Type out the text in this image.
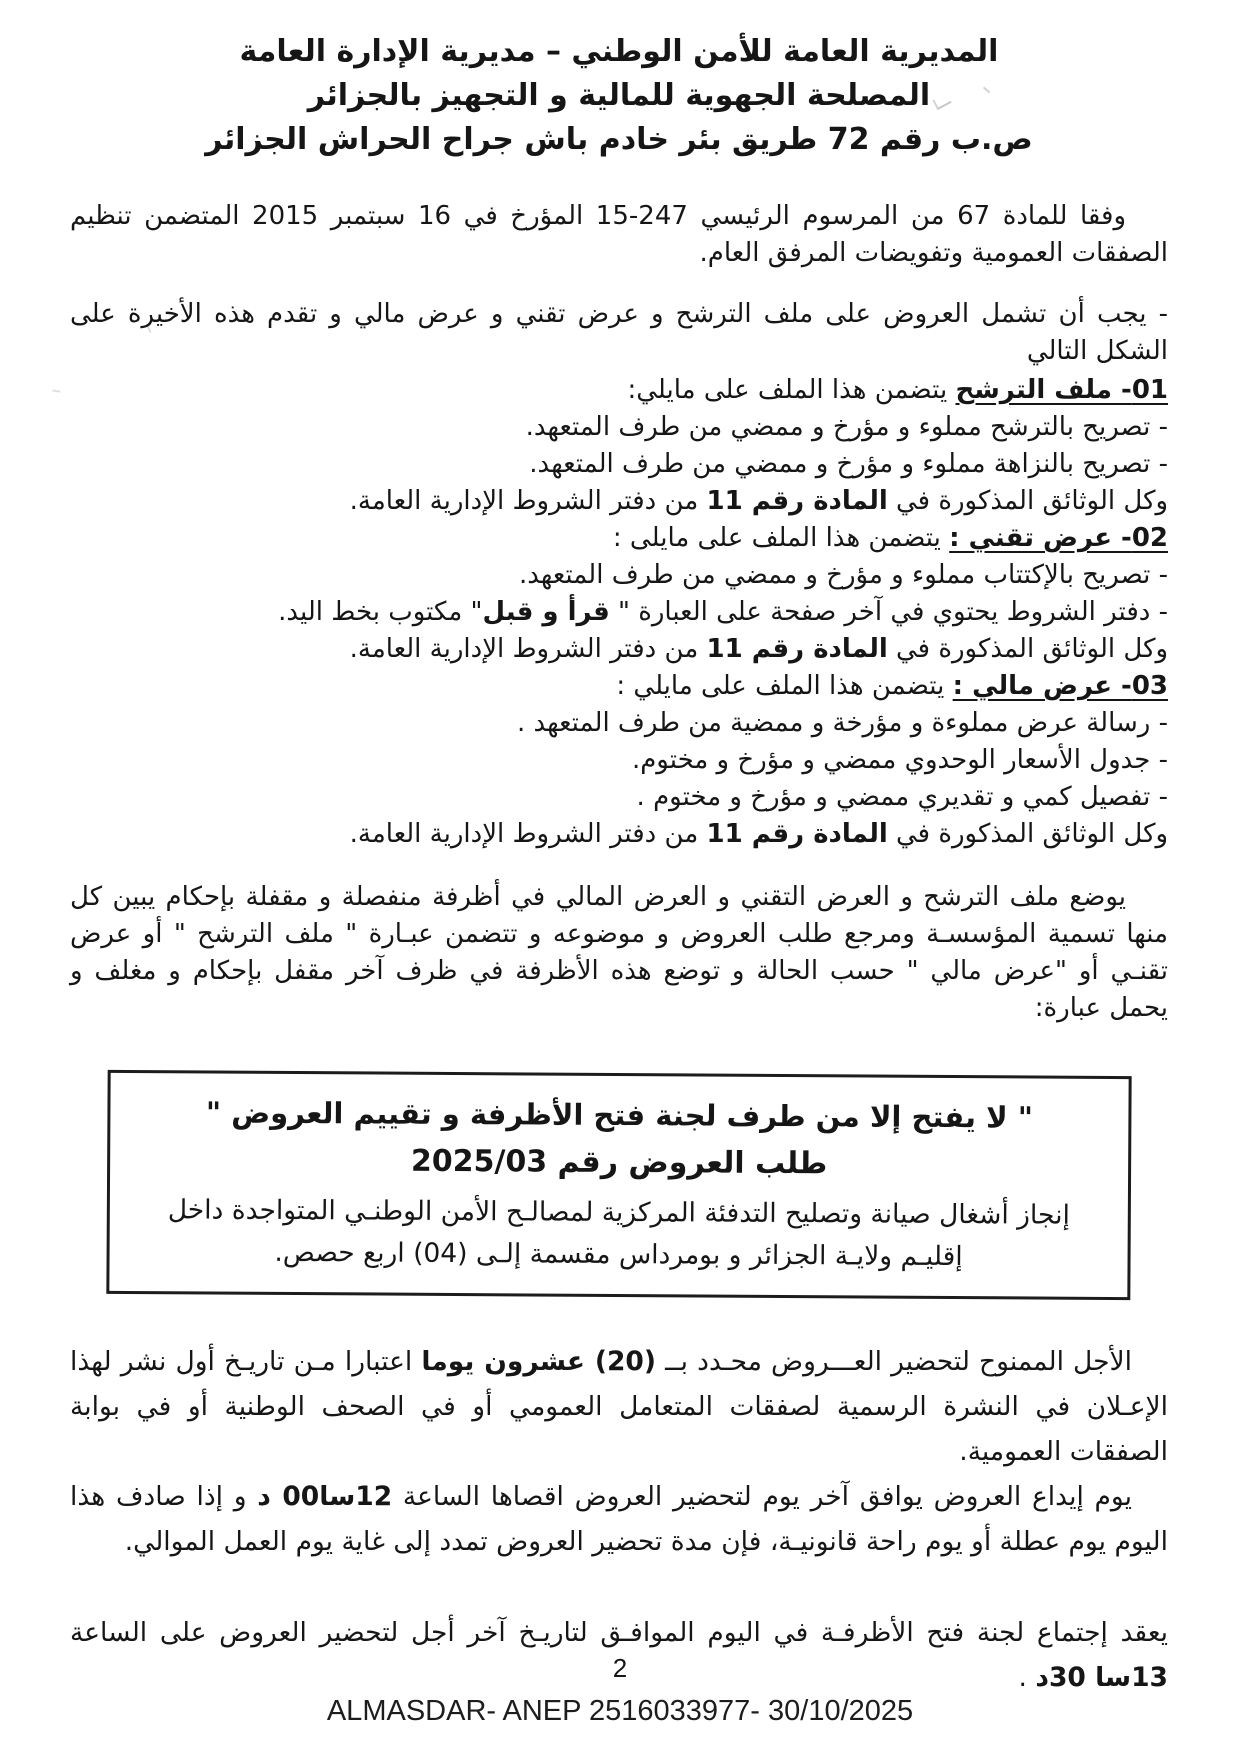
المديرية العامة للأمن الوطني – مديرية الإدارة العامة
المصلحة الجهوية للمالية و التجهيز بالجزائر
ص.ب رقم 72 طريق بئر خادم باش جراح الحراش الجزائر

وفقا للمادة 67 من المرسوم الرئيسي 247-15 المؤرخ في 16 سبتمبر 2015 المتضمن تنظيم الصفقات العمومية وتفويضات المرفق العام.

- يجب أن تشمل العروض على ملف الترشح و عرض تقني و عرض مالي و تقدم هذه الأخيرة على الشكل التالي

01- ملف الترشح يتضمن هذا الملف على مايلي:

- تصريح بالترشح مملوء و مؤرخ و ممضي من طرف المتعهد.

- تصريح بالنزاهة مملوء و مؤرخ و ممضي من طرف المتعهد.

وكل الوثائق المذكورة في المادة رقم 11 من دفتر الشروط الإدارية العامة.

02- عرض تقني : يتضمن هذا الملف على مايلى :

- تصريح بالإكتتاب مملوء و مؤرخ و ممضي من طرف المتعهد.

- دفتر الشروط يحتوي في آخر صفحة على العبارة " قرأ و قبل" مكتوب بخط اليد.

وكل الوثائق المذكورة في المادة رقم 11 من دفتر الشروط الإدارية العامة.

03- عرض مالي : يتضمن هذا الملف على مايلي :

- رسالة عرض مملوءة و مؤرخة و ممضية من طرف المتعهد .

- جدول الأسعار الوحدوي ممضي و مؤرخ و مختوم.

- تفصيل كمي و تقديري ممضي و مؤرخ و مختوم .

وكل الوثائق المذكورة في المادة رقم 11 من دفتر الشروط الإدارية العامة.

يوضع ملف الترشح و العرض التقني و العرض المالي في أظرفة منفصلة و مقفلة بإحكام يبين كل منها تسمية المؤسسـة ومرجع طلب العروض و موضوعه و تتضمن عبـارة " ملف الترشح " أو عرض تقنـي أو "عرض مالي " حسب الحالة و توضع هذه الأظرفة في ظرف آخر مقفل بإحكام و مغلف و يحمل عبارة:

" لا يفتح إلا من طرف لجنة فتح الأظرفة و تقييم العروض "

طلب العروض رقم 2025/03

إنجاز أشغال صيانة وتصليح التدفئة المركزية لمصالـح الأمن الوطنـي المتواجدة داخل إقليـم ولايـة الجزائر و بومرداس مقسمة إلـى (04) اربع حصص.

الأجل الممنوح لتحضير العـــروض محـدد بــ (20) عشرون يوما اعتبارا مـن تاريـخ أول نشر لهذا الإعـلان في النشرة الرسمية لصفقات المتعامل العمومي أو في الصحف الوطنية أو في بوابة الصفقات العمومية.

يوم إيداع العروض يوافق آخر يوم لتحضير العروض اقصاها الساعة 12سا00 د و إذا صادف هذا اليوم يوم عطلة أو يوم راحة قانونيـة، فإن مدة تحضير العروض تمدد إلى غاية يوم العمل الموالي.

يعقد إجتماع لجنة فتح الأظرفـة في اليوم الموافـق لتاريـخ آخر أجل لتحضير العروض على الساعة 13سا 30د .

2
ALMASDAR- ANEP 2516033977- 30/10/2025
